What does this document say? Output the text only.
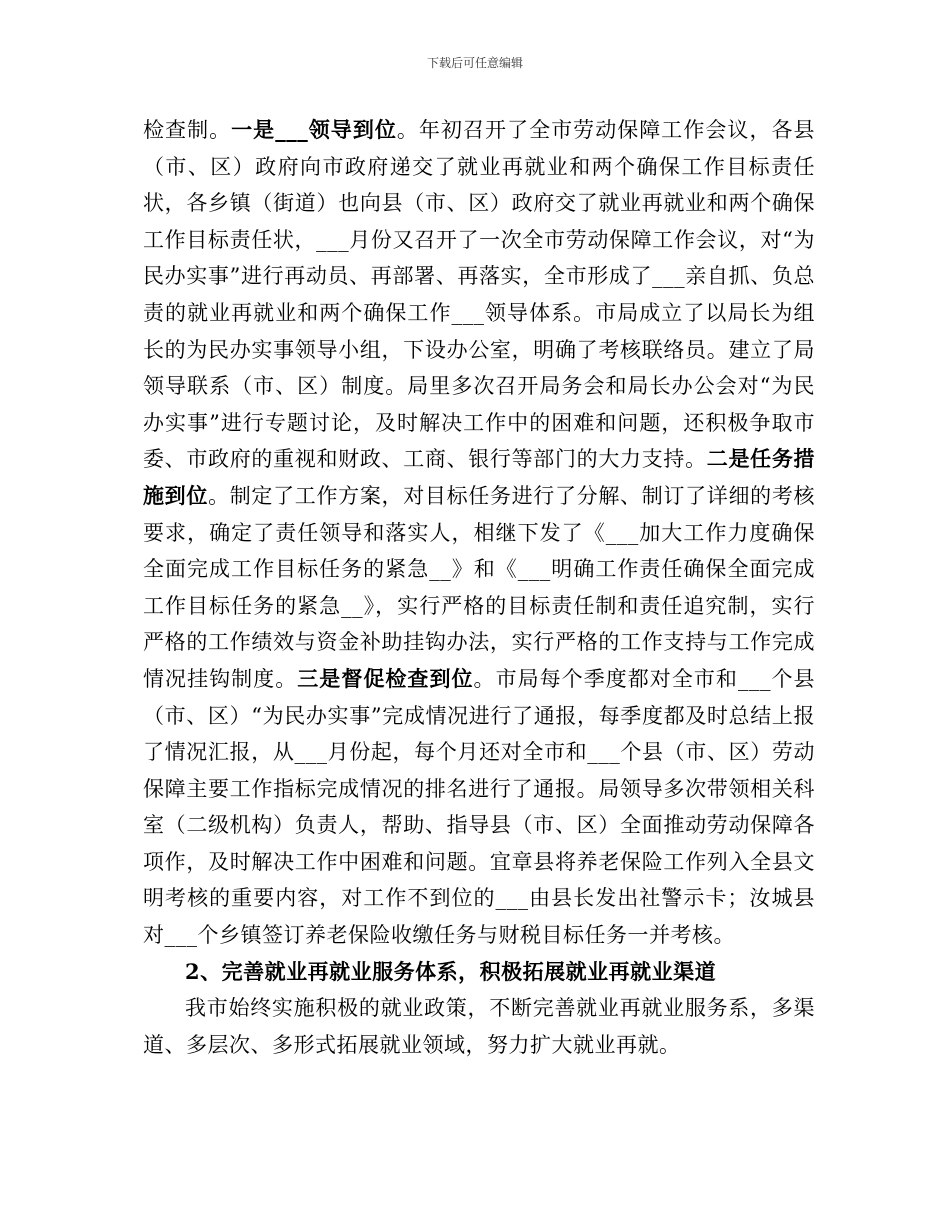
下载后可任意编辑

检查制。一是___领导到位。年初召开了全市劳动保障工作会议，各县（市、区）政府向市政府递交了就业再就业和两个确保工作目标责任状，各乡镇（街道）也向县（市、区）政府交了就业再就业和两个确保工作目标责任状，___月份又召开了一次全市劳动保障工作会议，对“为民办实事”进行再动员、再部署、再落实，全市形成了___亲自抓、负总责的就业再就业和两个确保工作___领导体系。市局成立了以局长为组长的为民办实事领导小组，下设办公室，明确了考核联络员。建立了局领导联系（市、区）制度。局里多次召开局务会和局长办公会对“为民办实事”进行专题讨论，及时解决工作中的困难和问题，还积极争取市委、市政府的重视和财政、工商、银行等部门的大力支持。二是任务措施到位。制定了工作方案，对目标任务进行了分解、制订了详细的考核要求，确定了责任领导和落实人，相继下发了《___加大工作力度确保全面完成工作目标任务的紧急__》和《___明确工作责任确保全面完成工作目标任务的紧急__》，实行严格的目标责任制和责任追究制，实行严格的工作绩效与资金补助挂钩办法，实行严格的工作支持与工作完成情况挂钩制度。三是督促检查到位。市局每个季度都对全市和___个县（市、区）“为民办实事”完成情况进行了通报，每季度都及时总结上报了情况汇报，从___月份起，每个月还对全市和___个县（市、区）劳动保障主要工作指标完成情况的排名进行了通报。局领导多次带领相关科室（二级机构）负责人，帮助、指导县（市、区）全面推动劳动保障各项作，及时解决工作中困难和问题。宜章县将养老保险工作列入全县文明考核的重要内容，对工作不到位的___由县长发出社警示卡；汝城县对___个乡镇签订养老保险收缴任务与财税目标任务一并考核。

2、完善就业再就业服务体系，积极拓展就业再就业渠道

我市始终实施积极的就业政策，不断完善就业再就业服务系，多渠道、多层次、多形式拓展就业领域，努力扩大就业再就。
